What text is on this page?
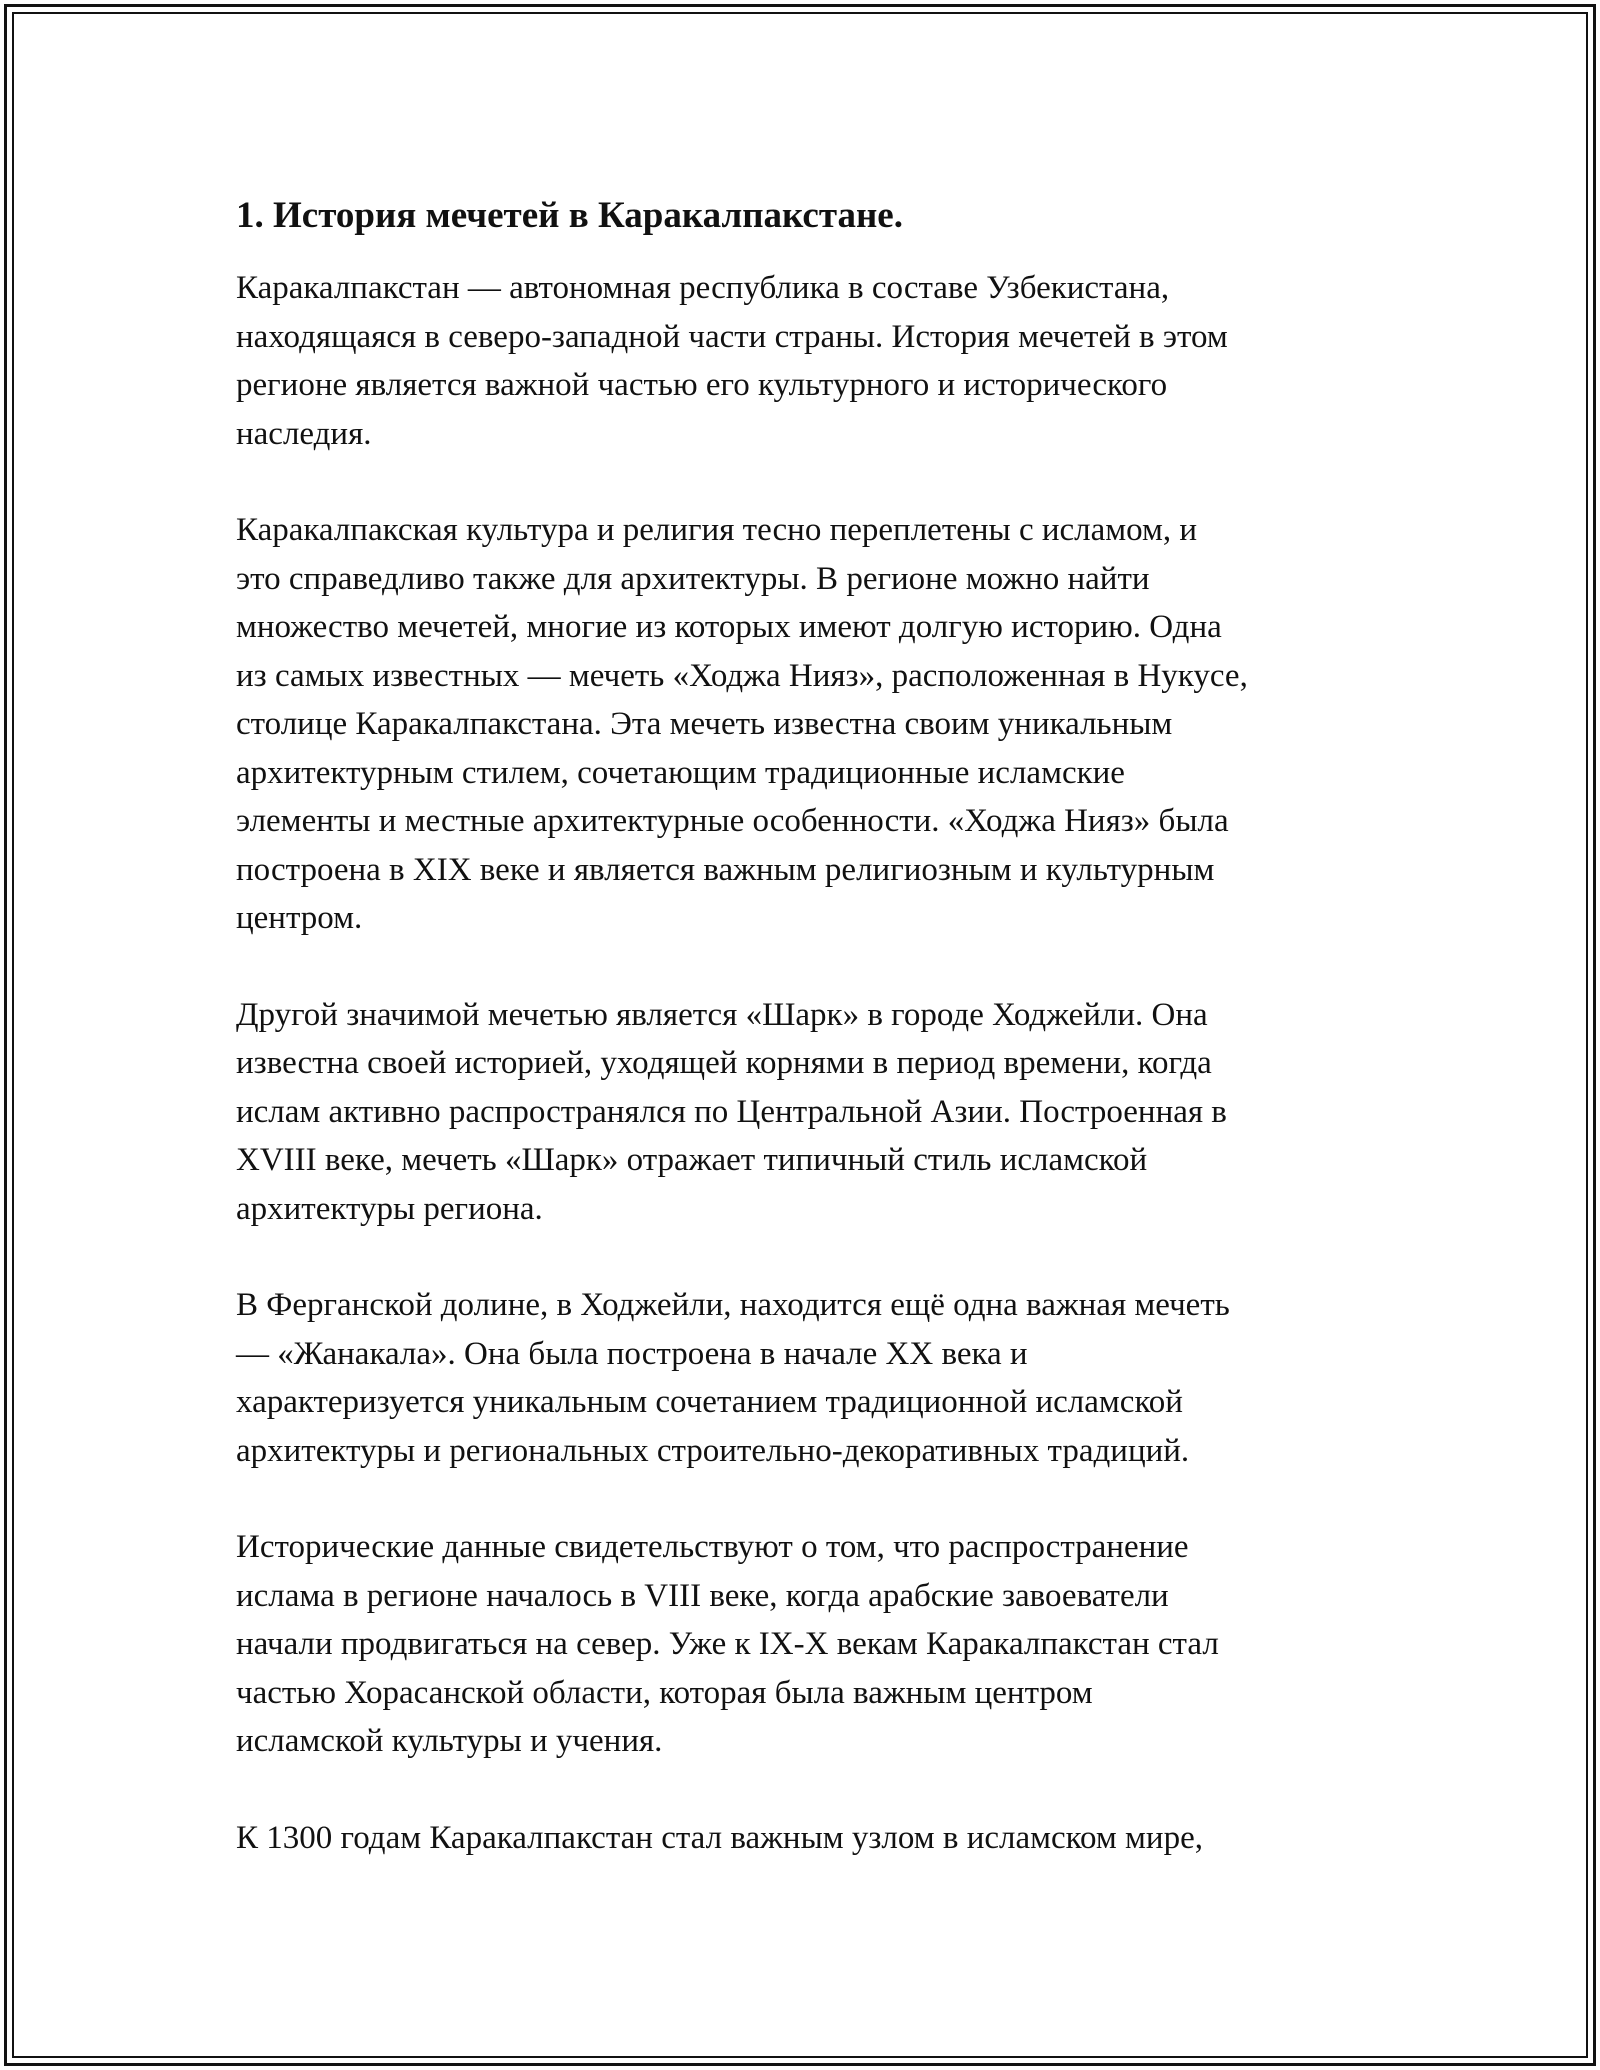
1. История мечетей в Каракалпакстане.

Каракалпакстан — автономная республика в составе Узбекистана,
находящаяся в северо-западной части страны. История мечетей в этом
регионе является важной частью его культурного и исторического
наследия.

Каракалпакская культура и религия тесно переплетены с исламом, и
это справедливо также для архитектуры. В регионе можно найти
множество мечетей, многие из которых имеют долгую историю. Одна
из самых известных — мечеть «Ходжа Нияз», расположенная в Нукусе,
столице Каракалпакстана. Эта мечеть известна своим уникальным
архитектурным стилем, сочетающим традиционные исламские
элементы и местные архитектурные особенности. «Ходжа Нияз» была
построена в XIX веке и является важным религиозным и культурным
центром.

Другой значимой мечетью является «Шарк» в городе Ходжейли. Она
известна своей историей, уходящей корнями в период времени, когда
ислам активно распространялся по Центральной Азии. Построенная в
XVIII веке, мечеть «Шарк» отражает типичный стиль исламской
архитектуры региона.

В Ферганской долине, в Ходжейли, находится ещё одна важная мечеть
— «Жанакала». Она была построена в начале XX века и
характеризуется уникальным сочетанием традиционной исламской
архитектуры и региональных строительно-декоративных традиций.

Исторические данные свидетельствуют о том, что распространение
ислама в регионе началось в VIII веке, когда арабские завоеватели
начали продвигаться на север. Уже к IX-X векам Каракалпакстан стал
частью Хорасанской области, которая была важным центром
исламской культуры и учения.

К 1300 годам Каракалпакстан стал важным узлом в исламском мире,
